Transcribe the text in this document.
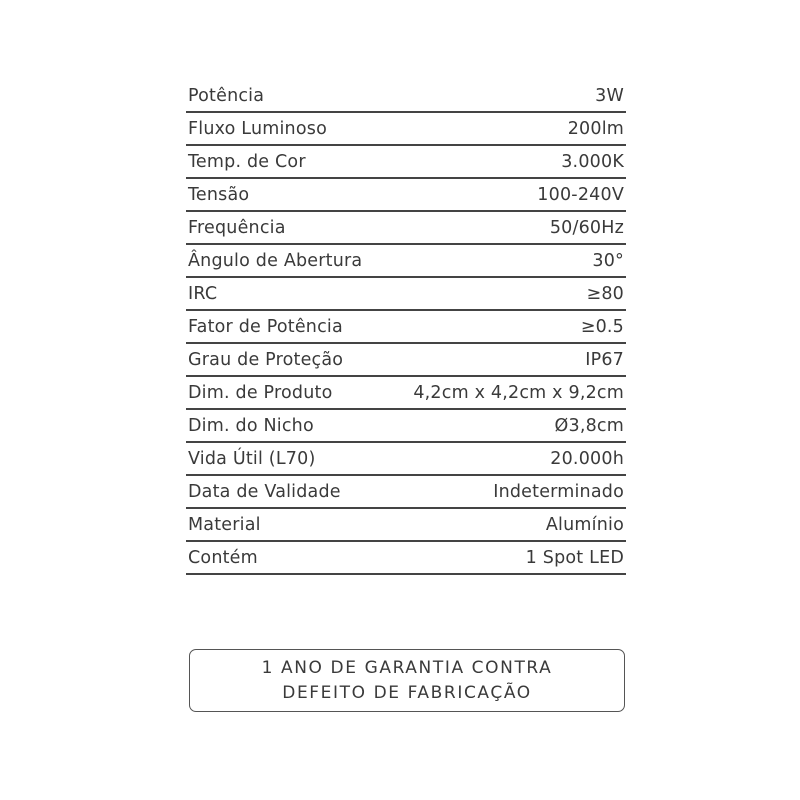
Potência	3W
Fluxo Luminoso	200lm
Temp. de Cor	3.000K
Tensão	100-240V
Frequência	50/60Hz
Ângulo de Abertura	30°
IRC	≥80
Fator de Potência	≥0.5
Grau de Proteção	IP67
Dim. de Produto	4,2cm x 4,2cm x 9,2cm
Dim. do Nicho	Ø3,8cm
Vida Útil (L70)	20.000h
Data de Validade	Indeterminado
Material	Alumínio
Contém	1 Spot LED
1 ANO DE GARANTIA CONTRA
DEFEITO DE FABRICAÇÃO
